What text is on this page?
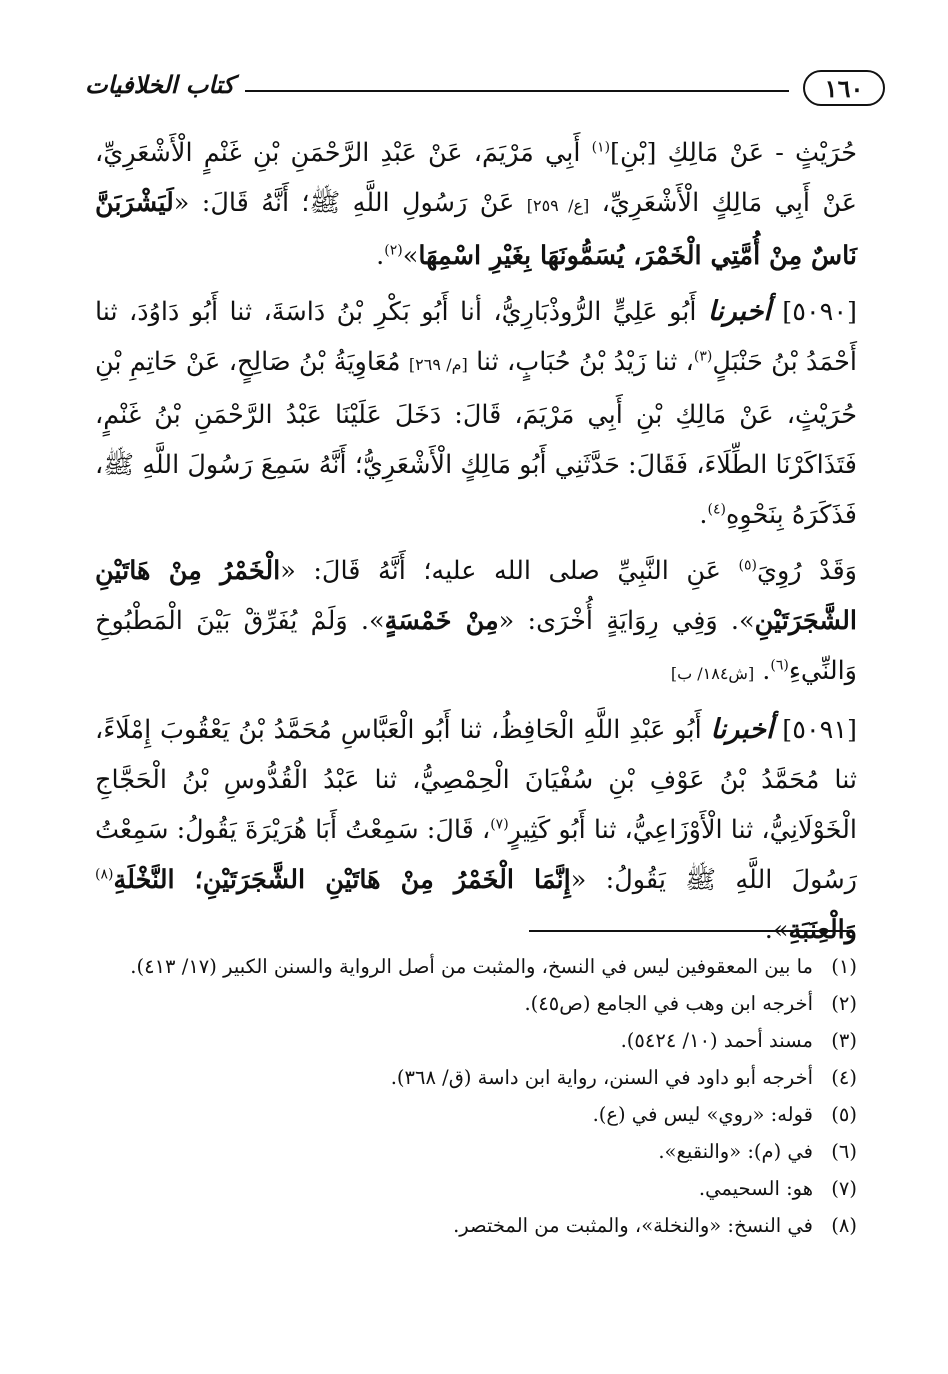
١٦٠
كتاب الخلافيات

حُرَيْثٍ - عَنْ مَالِكِ [بْنِ]$^{(١)}$ أَبِي مَرْيَمَ، عَنْ عَبْدِ الرَّحْمَنِ بْنِ غَنْمٍ الْأَشْعَرِيِّ، عَنْ أَبِي مَالِكٍ الْأَشْعَرِيِّ، [ع/ ٢٥٩] عَنْ رَسُولِ اللَّهِ ﷺ؛ أَنَّهُ قَالَ: «لَيَشْرَبَنَّ نَاسٌ مِنْ أُمَّتِي الْخَمْرَ، يُسَمُّونَهَا بِغَيْرِ اسْمِهَا»$^{(٢)}$.

[٥٠٩٠] أخبرنا أَبُو عَلِيٍّ الرُّوذْبَارِيُّ، أنا أَبُو بَكْرِ بْنُ دَاسَةَ، ثنا أَبُو دَاوُدَ، ثنا أَحْمَدُ بْنُ حَنْبَلٍ$^{(٣)}$، ثنا زَيْدُ بْنُ حُبَابٍ، ثنا [م/ ٢٦٩] مُعَاوِيَةُ بْنُ صَالِحٍ، عَنْ حَاتِمِ بْنِ حُرَيْثٍ، عَنْ مَالِكِ بْنِ أَبِي مَرْيَمَ، قَالَ: دَخَلَ عَلَيْنَا عَبْدُ الرَّحْمَنِ بْنُ غَنْمٍ، فَتَذَاكَرْنَا الطِّلَاءَ، فَقَالَ: حَدَّثَنِي أَبُو مَالِكٍ الْأَشْعَرِيُّ؛ أَنَّهُ سَمِعَ رَسُولَ اللَّهِ ﷺ، فَذَكَرَهُ بِنَحْوِهِ$^{(٤)}$.

وَقَدْ رُوِيَ$^{(٥)}$ عَنِ النَّبِيِّ صلى الله عليه؛ أَنَّهُ قَالَ: «الْخَمْرُ مِنْ هَاتَيْنِ الشَّجَرَتَيْنِ». وَفِي رِوَايَةٍ أُخْرَى: «مِنْ خَمْسَةٍ». وَلَمْ يُفَرِّقْ بَيْنَ الْمَطْبُوخِ وَالنِّيءِ$^{(٦)}$. [ش١٨٤/ ب]

[٥٠٩١] أخبرنا أَبُو عَبْدِ اللَّهِ الْحَافِظُ، ثنا أَبُو الْعَبَّاسِ مُحَمَّدُ بْنُ يَعْقُوبَ إِمْلَاءً، ثنا مُحَمَّدُ بْنُ عَوْفِ بْنِ سُفْيَانَ الْحِمْصِيُّ، ثنا عَبْدُ الْقُدُّوسِ بْنُ الْحَجَّاجِ الْخَوْلَانِيُّ، ثنا الْأَوْزَاعِيُّ، ثنا أَبُو كَثِيرٍ$^{(٧)}$، قَالَ: سَمِعْتُ أَبَا هُرَيْرَةَ يَقُولُ: سَمِعْتُ رَسُولَ اللَّهِ ﷺ يَقُولُ: «إِنَّمَا الْخَمْرُ مِنْ هَاتَيْنِ الشَّجَرَتَيْنِ؛ النَّخْلَةِ$^{(٨)}$ وَالْعِنَبَةِ».

(١)
ما بين المعقوفين ليس في النسخ، والمثبت من أصل الرواية والسنن الكبير (١٧/ ٤١٣).
(٢)
أخرجه ابن وهب في الجامع (ص٤٥).
(٣)
مسند أحمد (١٠/ ٥٤٢٤).
(٤)
أخرجه أبو داود في السنن، رواية ابن داسة (ق/ ٣٦٨).
(٥)
قوله: «روي» ليس في (ع).
(٦)
في (م): «والنقيع».
(٧)
هو: السحيمي.
(٨)
في النسخ: «والنخلة»، والمثبت من المختصر.
